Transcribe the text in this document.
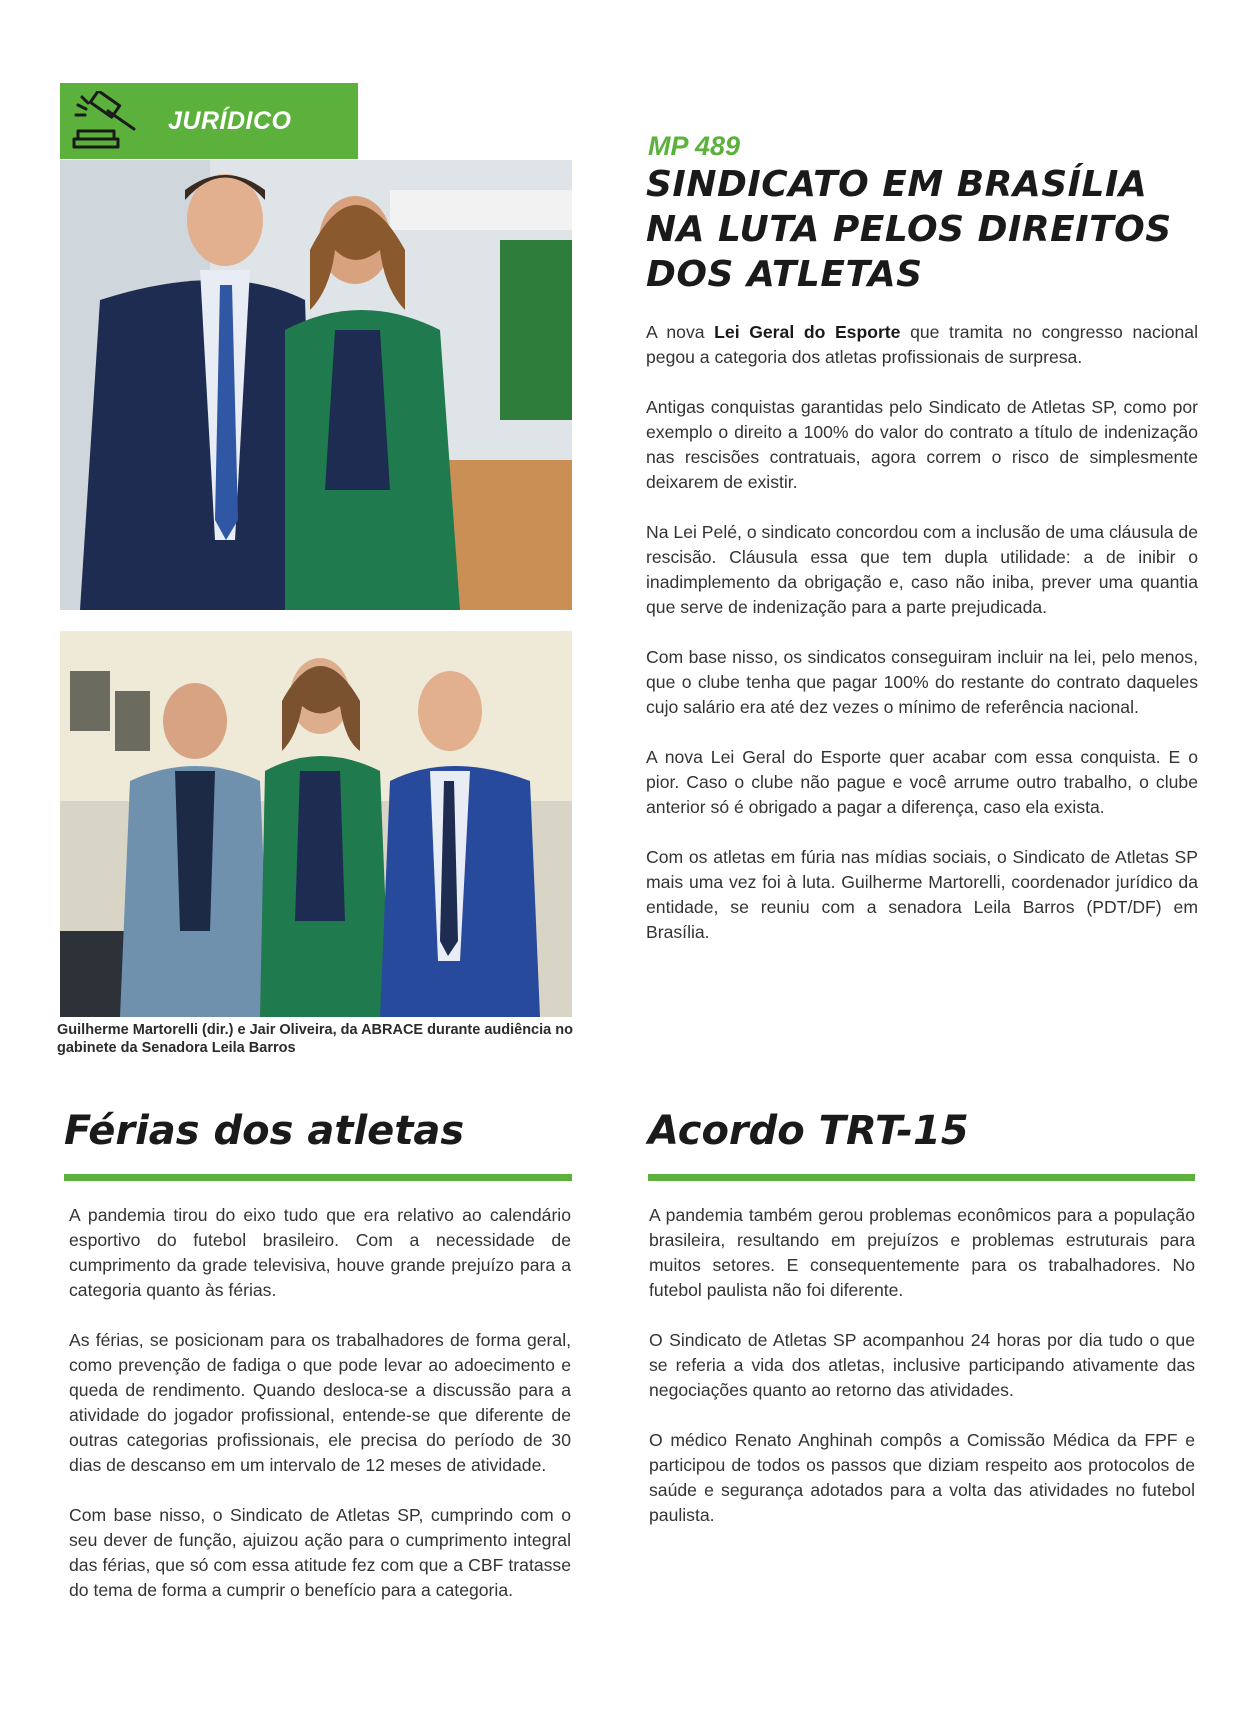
JURÍDICO
Guilherme Martorelli (dir.) e Jair Oliveira, da ABRACE durante audiência no gabinete da Senadora Leila Barros
MP 489
SINDICATO EM BRASÍLIA NA LUTA PELOS DIREITOS DOS ATLETAS

A nova Lei Geral do Esporte que tramita no congresso nacional pegou a categoria dos atletas profissionais de surpresa.

Antigas conquistas garantidas pelo Sindicato de Atletas SP, como por exemplo o direito a 100% do valor do contrato a título de indenização nas rescisões contratuais, agora correm o risco de simplesmente deixarem de existir.

Na Lei Pelé, o sindicato concordou com a inclusão de uma cláusula de rescisão. Cláusula essa que tem dupla utilidade: a de inibir o inadimplemento da obrigação e, caso não iniba, prever uma quantia que serve de indenização para a parte prejudicada.

Com base nisso, os sindicatos conseguiram incluir na lei, pelo menos, que o clube tenha que pagar 100% do restante do contrato daqueles cujo salário era até dez vezes o mínimo de referência nacional.

A nova Lei Geral do Esporte quer acabar com essa conquista. E o pior. Caso o clube não pague e você arrume outro trabalho, o clube anterior só é obrigado a pagar a diferença, caso ela exista.

Com os atletas em fúria nas mídias sociais, o Sindicato de Atletas SP mais uma vez foi à luta. Guilherme Martorelli, coordenador jurídico da entidade, se reuniu com a senadora Leila Barros (PDT/DF) em Brasília.

Férias dos atletas

A pandemia tirou do eixo tudo que era relativo ao calendário esportivo do futebol brasileiro. Com a necessidade de cumprimento da grade televisiva, houve grande prejuízo para a categoria quanto às férias.

As férias, se posicionam para os trabalhadores de forma geral, como prevenção de fadiga o que pode levar ao adoecimento e queda de rendimento. Quando desloca-se a discussão para a atividade do jogador profissional, entende-se que diferente de outras categorias profissionais, ele precisa do período de 30 dias de descanso em um intervalo de 12 meses de atividade.

Com base nisso, o Sindicato de Atletas SP, cumprindo com o seu dever de função, ajuizou ação para o cumprimento integral das férias, que só com essa atitude fez com que a CBF tratasse do tema de forma a cumprir o benefício para a categoria.

Acordo TRT-15

A pandemia também gerou problemas econômicos para a população brasileira, resultando em prejuízos e problemas estruturais para muitos setores. E consequentemente para os trabalhadores. No futebol paulista não foi diferente.

O Sindicato de Atletas SP acompanhou 24 horas por dia tudo o que se referia a vida dos atletas, inclusive participando ativamente das negociações quanto ao retorno das atividades.

O médico Renato Anghinah compôs a Comissão Médica da FPF e participou de todos os passos que diziam respeito aos protocolos de saúde e segurança adotados para a volta das atividades no futebol paulista.
